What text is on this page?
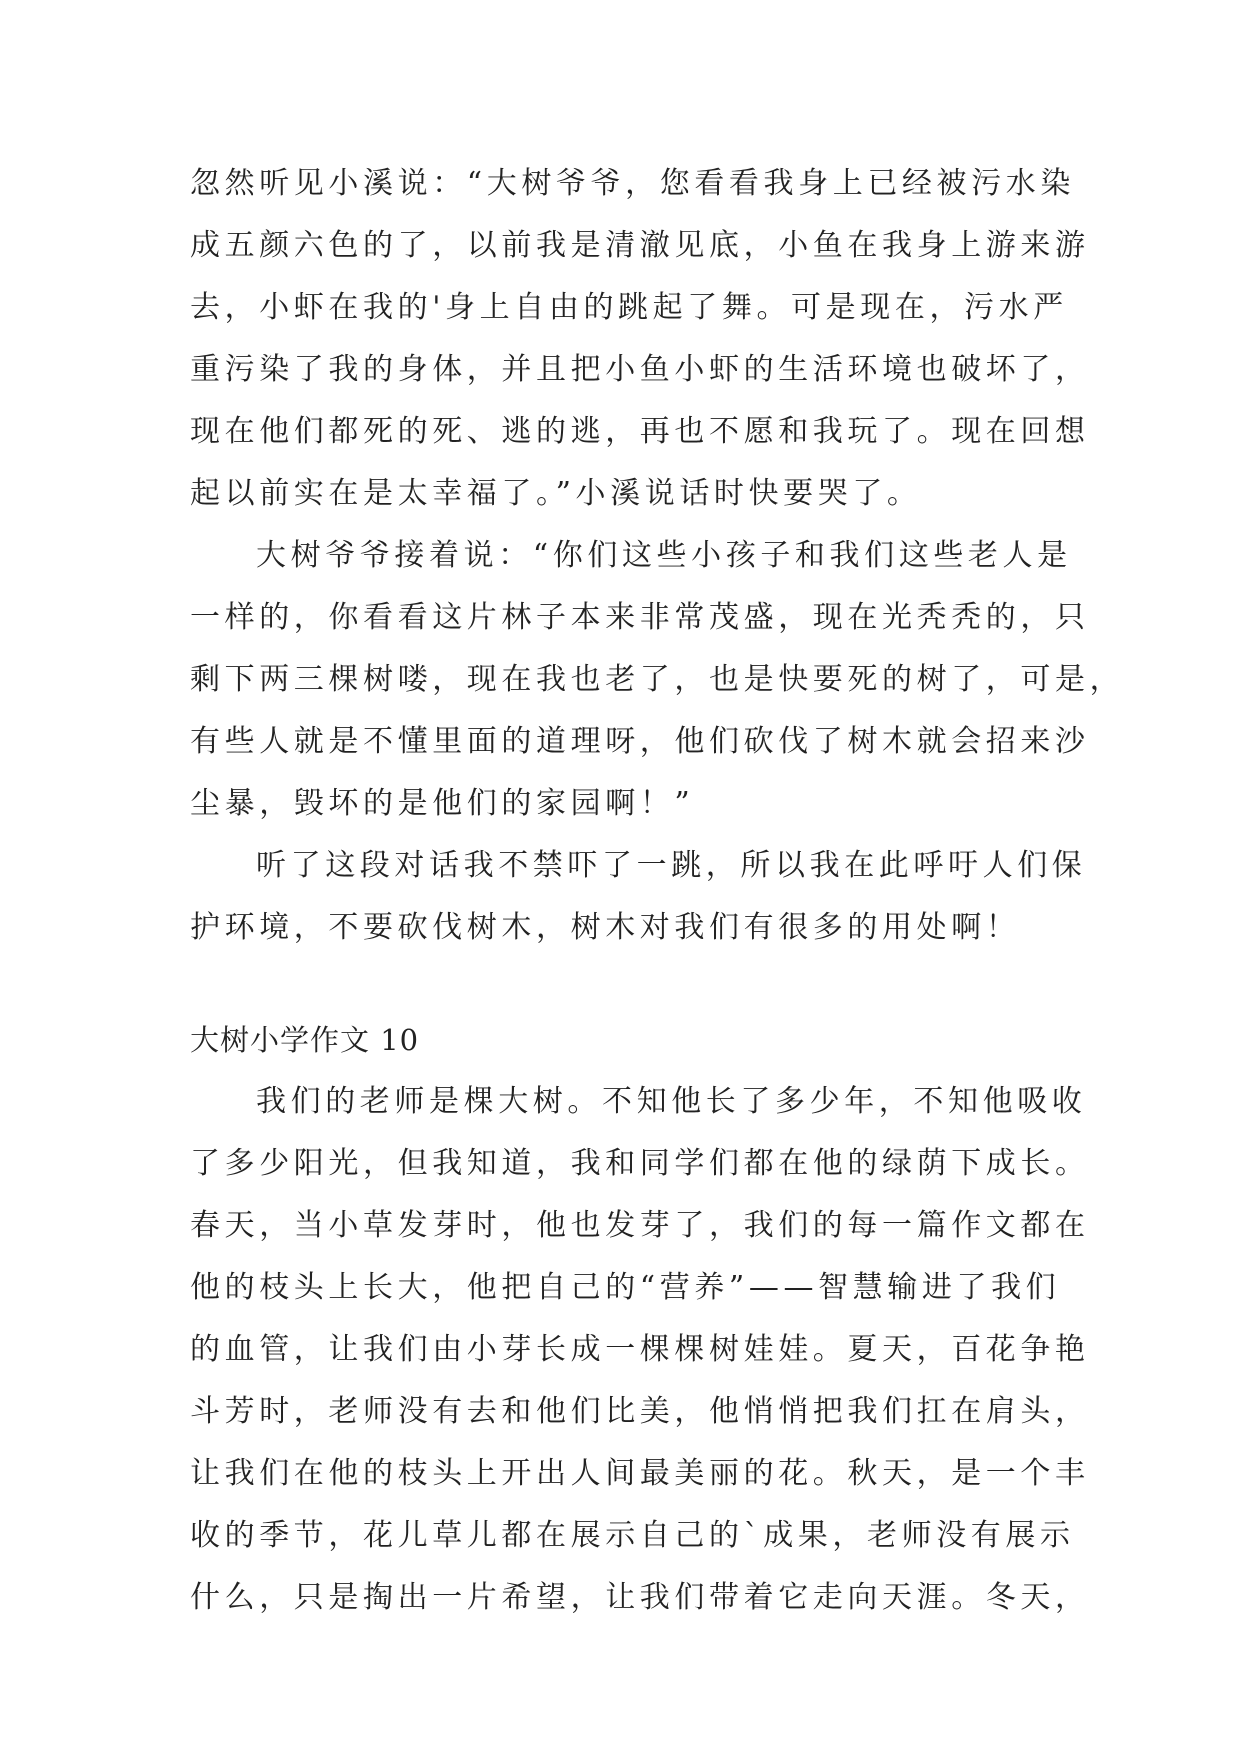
忽然听见小溪说：“大树爷爷，您看看我身上已经被污水染
成五颜六色的了，以前我是清澈见底，小鱼在我身上游来游
去，小虾在我的'身上自由的跳起了舞。可是现在，污水严
重污染了我的身体，并且把小鱼小虾的生活环境也破坏了，
现在他们都死的死、逃的逃，再也不愿和我玩了。现在回想
起以前实在是太幸福了。”小溪说话时快要哭了。
大树爷爷接着说：“你们这些小孩子和我们这些老人是
一样的，你看看这片林子本来非常茂盛，现在光秃秃的，只
剩下两三棵树喽，现在我也老了，也是快要死的树了，可是，
有些人就是不懂里面的道理呀，他们砍伐了树木就会招来沙
尘暴，毁坏的是他们的家园啊！”
听了这段对话我不禁吓了一跳，所以我在此呼吁人们保
护环境，不要砍伐树木，树木对我们有很多的用处啊！
大树小学作文 10
我们的老师是棵大树。不知他长了多少年，不知他吸收
了多少阳光，但我知道，我和同学们都在他的绿荫下成长。
春天，当小草发芽时，他也发芽了，我们的每一篇作文都在
他的枝头上长大，他把自己的“营养”——智慧输进了我们
的血管，让我们由小芽长成一棵棵树娃娃。夏天，百花争艳
斗芳时，老师没有去和他们比美，他悄悄把我们扛在肩头，
让我们在他的枝头上开出人间最美丽的花。秋天，是一个丰
收的季节，花儿草儿都在展示自己的`成果，老师没有展示
什么，只是掏出一片希望，让我们带着它走向天涯。冬天，
